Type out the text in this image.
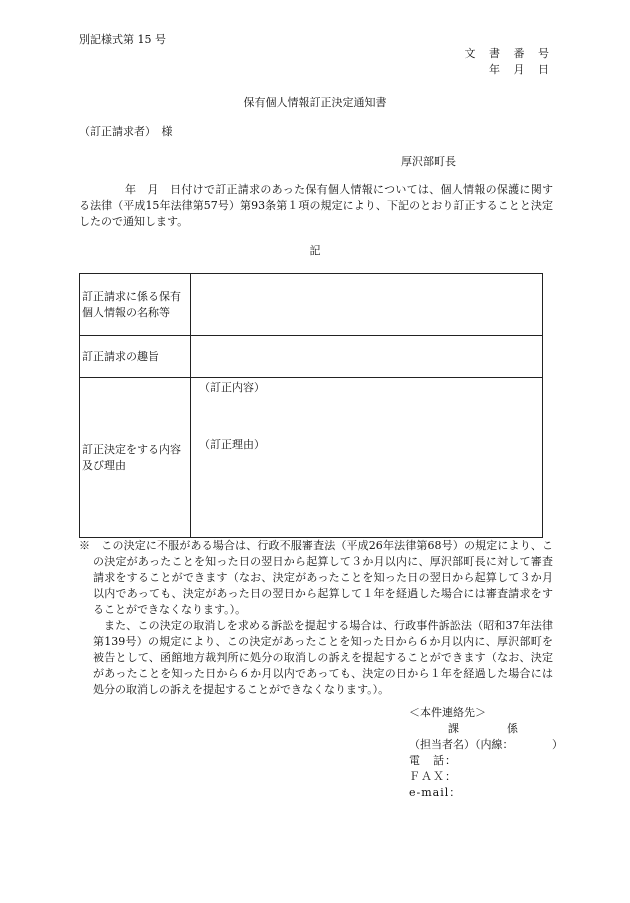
別記様式第 15 号
文 書 番 号
年 月 日
保有個人情報訂正決定通知書
（訂正請求者）　様
厚沢部町長

年　月　日付けで訂正請求のあった保有個人情報については、個人情報の保護に関する法律（平成15年法律第57号）第93条第１項の規定により、下記のとおり訂正することと決定したので通知します。

記
訂正請求に係る保有個人情報の名称等	
訂正請求の趣旨	
訂正決定をする内容及び理由	（訂正内容）
（訂正理由）

※　この決定に不服がある場合は、行政不服審査法（平成26年法律第68号）の規定により、この決定があったことを知った日の翌日から起算して３か月以内に、厚沢部町長に対して審査請求をすることができます（なお、決定があったことを知った日の翌日から起算して３か月以内であっても、決定があった日の翌日から起算して１年を経過した場合には審査請求をすることができなくなります。）。

また、この決定の取消しを求める訴訟を提起する場合は、行政事件訴訟法（昭和37年法律第139号）の規定により、この決定があったことを知った日から６か月以内に、厚沢部町を被告として、函館地方裁判所に処分の取消しの訴えを提起することができます（なお、決定があったことを知った日から６か月以内であっても、決定の日から１年を経過した場合には処分の取消しの訴えを提起することができなくなります。）。

＜本件連絡先＞
課	係
（担当者名）（内線：　　　　）
電　話：
ＦＡＸ：
e-mail：
